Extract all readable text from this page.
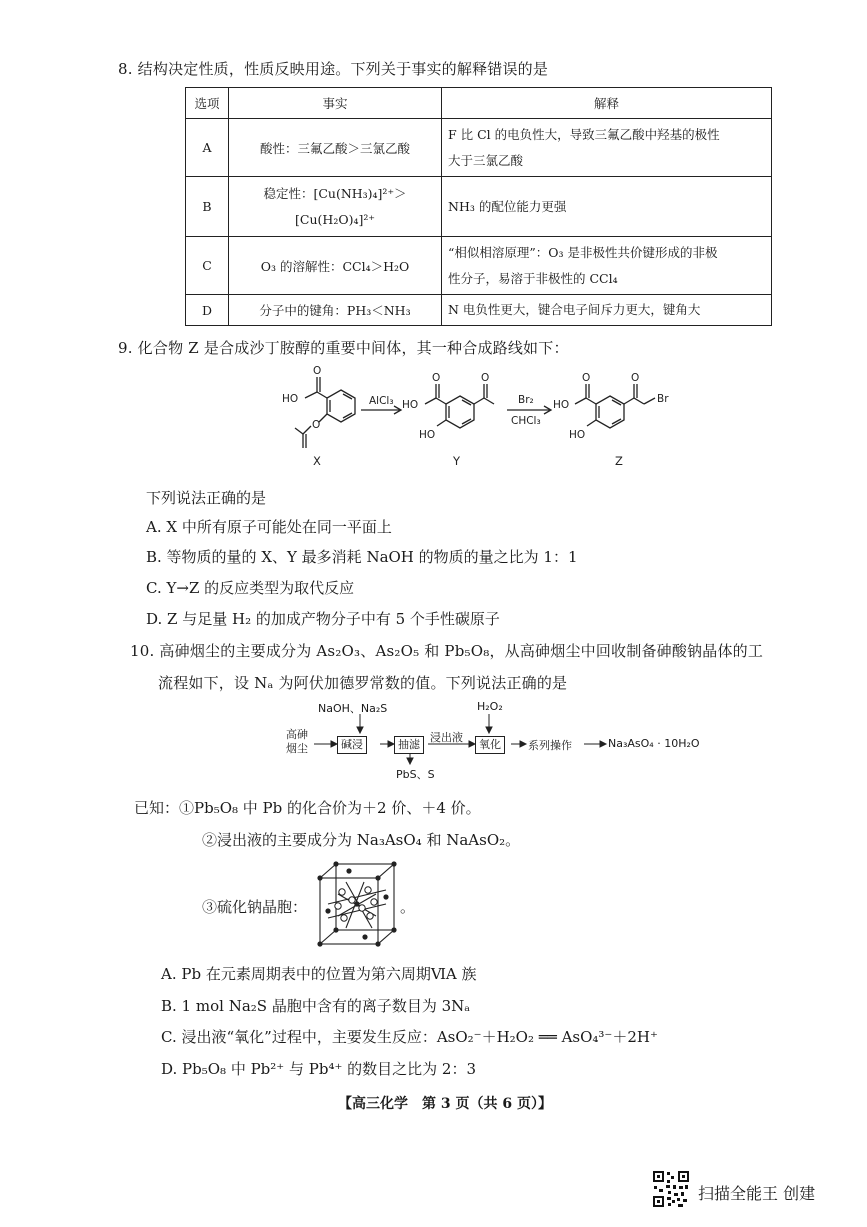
8. 结构决定性质，性质反映用途。下列关于事实的解释错误的是
选项	事实	解释
A	酸性：三氟乙酸＞三氯乙酸	F 比 Cl 的电负性大，导致三氟乙酸中羟基的极性
大于三氯乙酸

B	稳定性：[Cu(NH₃)₄]²⁺＞
[Cu(H₂O)₄]²⁺	NH₃ 的配位能力更强
C	O₃ 的溶解性：CCl₄＞H₂O	“相似相溶原理”：O₃ 是非极性共价键形成的非极
性分子，易溶于非极性的 CCl₄

D	分子中的键角：PH₃＜NH₃	N 电负性更大，键合电子间斥力更大，键角大
9. 化合物 Z 是合成沙丁胺醇的重要中间体，其一种合成路线如下：
HO
O
O
AlCl₃ HO
O
HO
O
Br₂
CHCl₃
HO
O
HO
O
Br
X	Y	Z
下列说法正确的是
A. X 中所有原子可能处在同一平面上
B. 等物质的量的 X、Y 最多消耗 NaOH 的物质的量之比为 1：1
C. Y→Z 的反应类型为取代反应
D. Z 与足量 H₂ 的加成产物分子中有 5 个手性碳原子
10. 高砷烟尘的主要成分为 As₂O₃、As₂O₅ 和 Pb₅O₈，从高砷烟尘中回收制备砷酸钠晶体的工
流程如下，设 Nₐ 为阿伏加德罗常数的值。下列说法正确的是
NaOH、Na₂S
高砷
烟尘	碱浸	抽滤
PbS、S
浸出液
H₂O₂
氧化	系列操作	Na₃AsO₄ · 10H₂O
已知：①Pb₅O₈ 中 Pb 的化合价为＋2 价、＋4 价。
②浸出液的主要成分为 Na₃AsO₄ 和 NaAsO₂。
③硫化钠晶胞：	。
A. Pb 在元素周期表中的位置为第六周期ⅥA 族
B. 1 mol Na₂S 晶胞中含有的离子数目为 3Nₐ
C. 浸出液“氧化”过程中，主要发生反应：AsO₂⁻＋H₂O₂ ══ AsO₄³⁻＋2H⁺
D. Pb₅O₈ 中 Pb²⁺ 与 Pb⁴⁺ 的数目之比为 2：3
【高三化学　第 3 页（共 6 页）】
扫描全能王 创建
